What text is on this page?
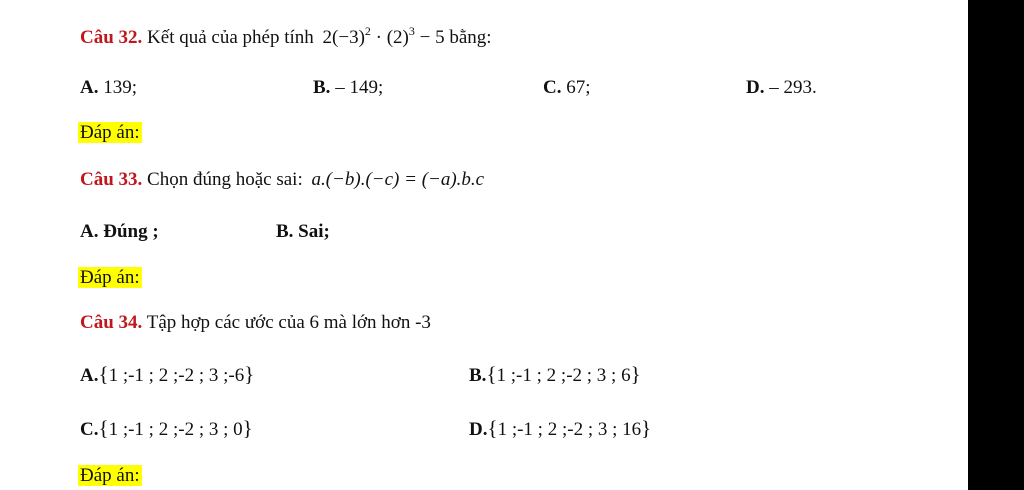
Câu 32. Kết quả của phép tính $2(-3)^2 \cdot (2)^3 - 5$ bằng:
A. 139;	B. – 149;	C. 67;	D. – 293.
Đáp án:
Câu 33. Chọn đúng hoặc sai: a.(−b).(−c) = (−a).b.c
A. Đúng ;	B. Sai;
Đáp án:
Câu 34. Tập hợp các ước của 6 mà lớn hơn -3
A.{1 ;-1 ; 2 ;-2 ; 3 ;-6}	B.{1 ;-1 ; 2 ;-2 ; 3 ; 6}
C.{1 ;-1 ; 2 ;-2 ; 3 ; 0}	D.{1 ;-1 ; 2 ;-2 ; 3 ; 16}
Đáp án:
